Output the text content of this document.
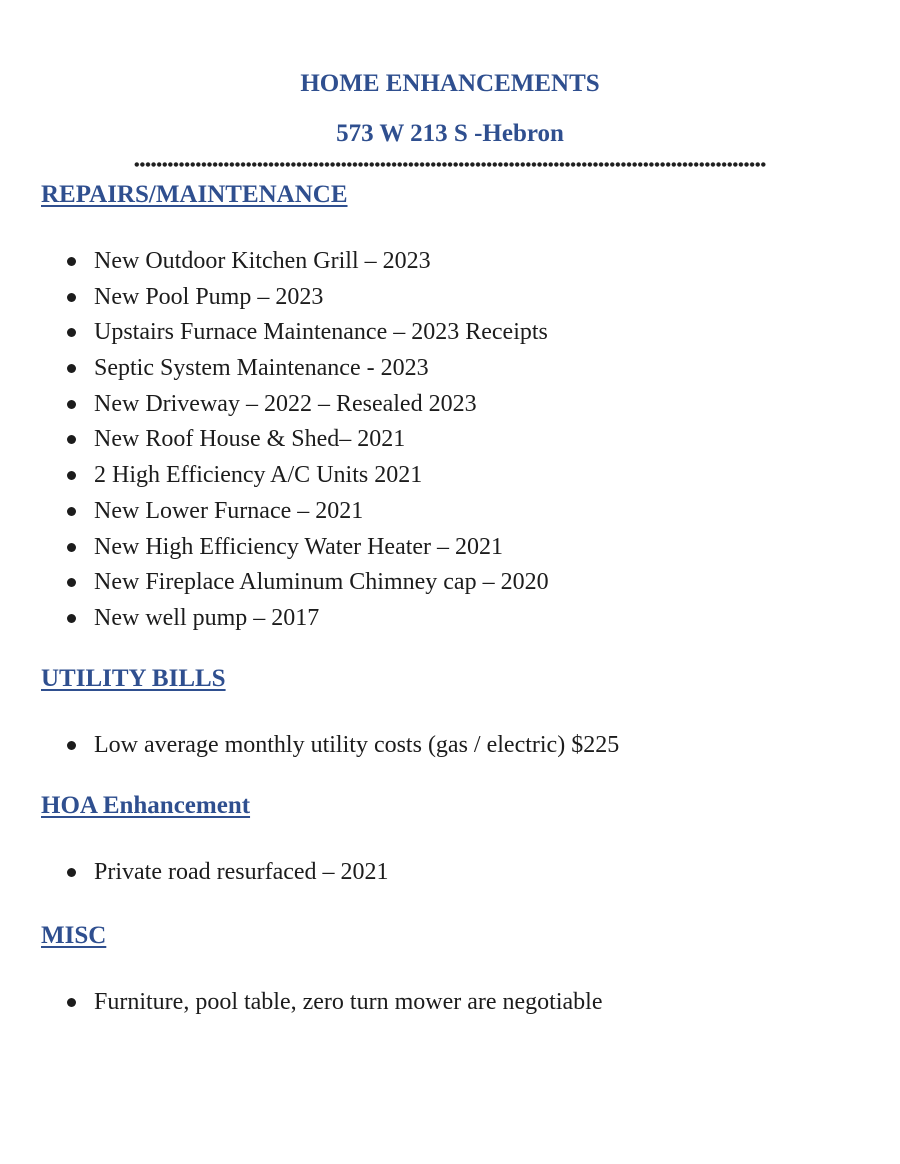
HOME ENHANCEMENTS
573 W 213 S -Hebron
REPAIRS/MAINTENANCE
New Outdoor Kitchen Grill – 2023
New Pool Pump – 2023
Upstairs Furnace Maintenance – 2023 Receipts
Septic System Maintenance - 2023
New Driveway – 2022 – Resealed 2023
New Roof House & Shed– 2021
2 High Efficiency A/C Units 2021
New Lower Furnace – 2021
New High Efficiency Water Heater – 2021
New Fireplace Aluminum Chimney cap – 2020
New well pump – 2017
UTILITY BILLS
Low average monthly utility costs (gas / electric) $225
HOA Enhancement
Private road resurfaced – 2021
MISC
Furniture, pool table, zero turn mower are negotiable
